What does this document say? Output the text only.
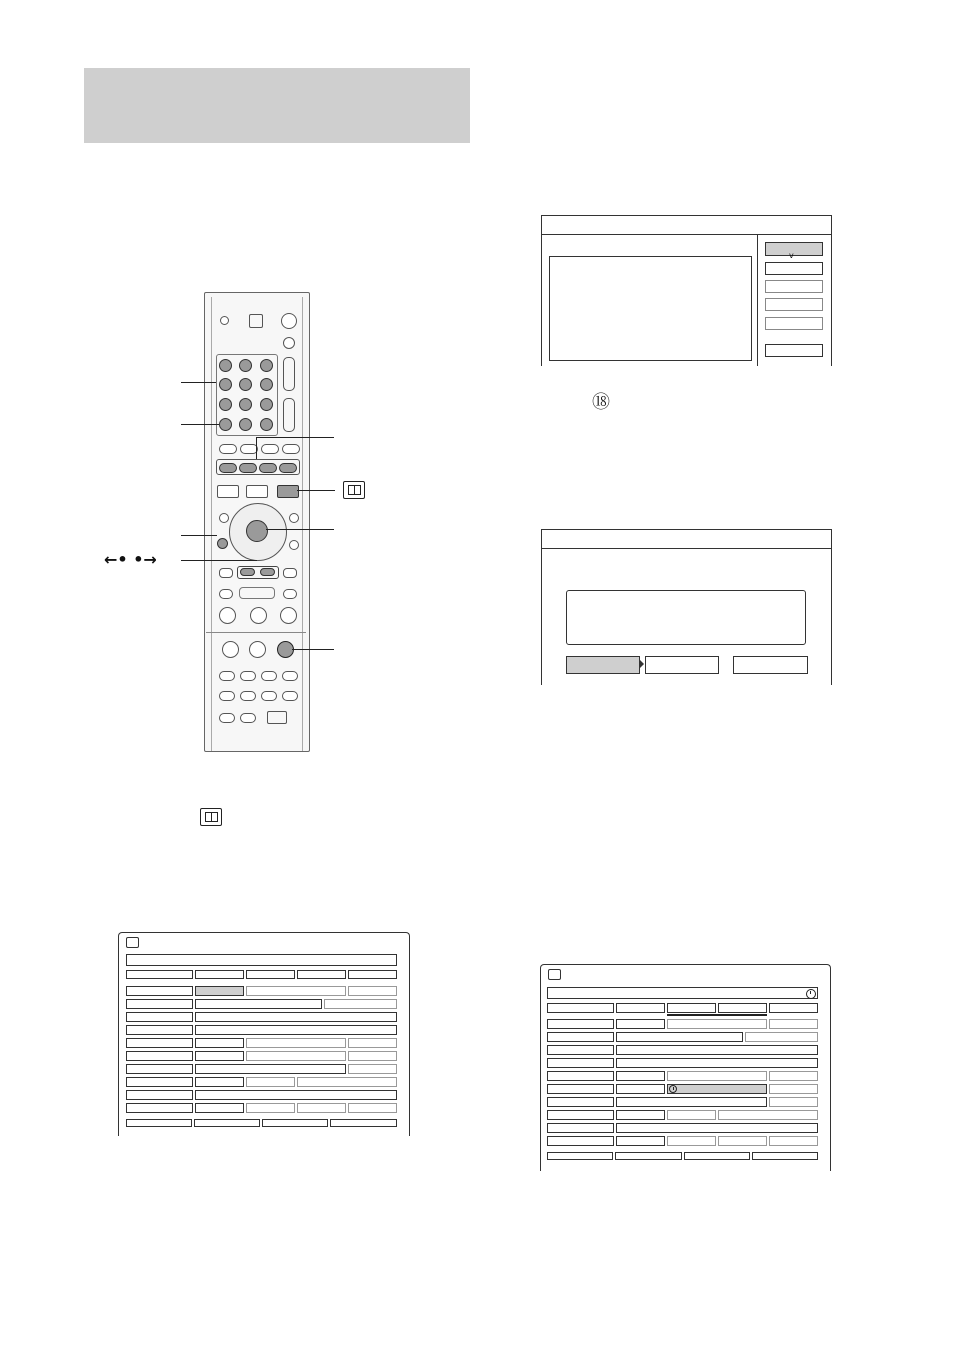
←• •→
v
⑱
